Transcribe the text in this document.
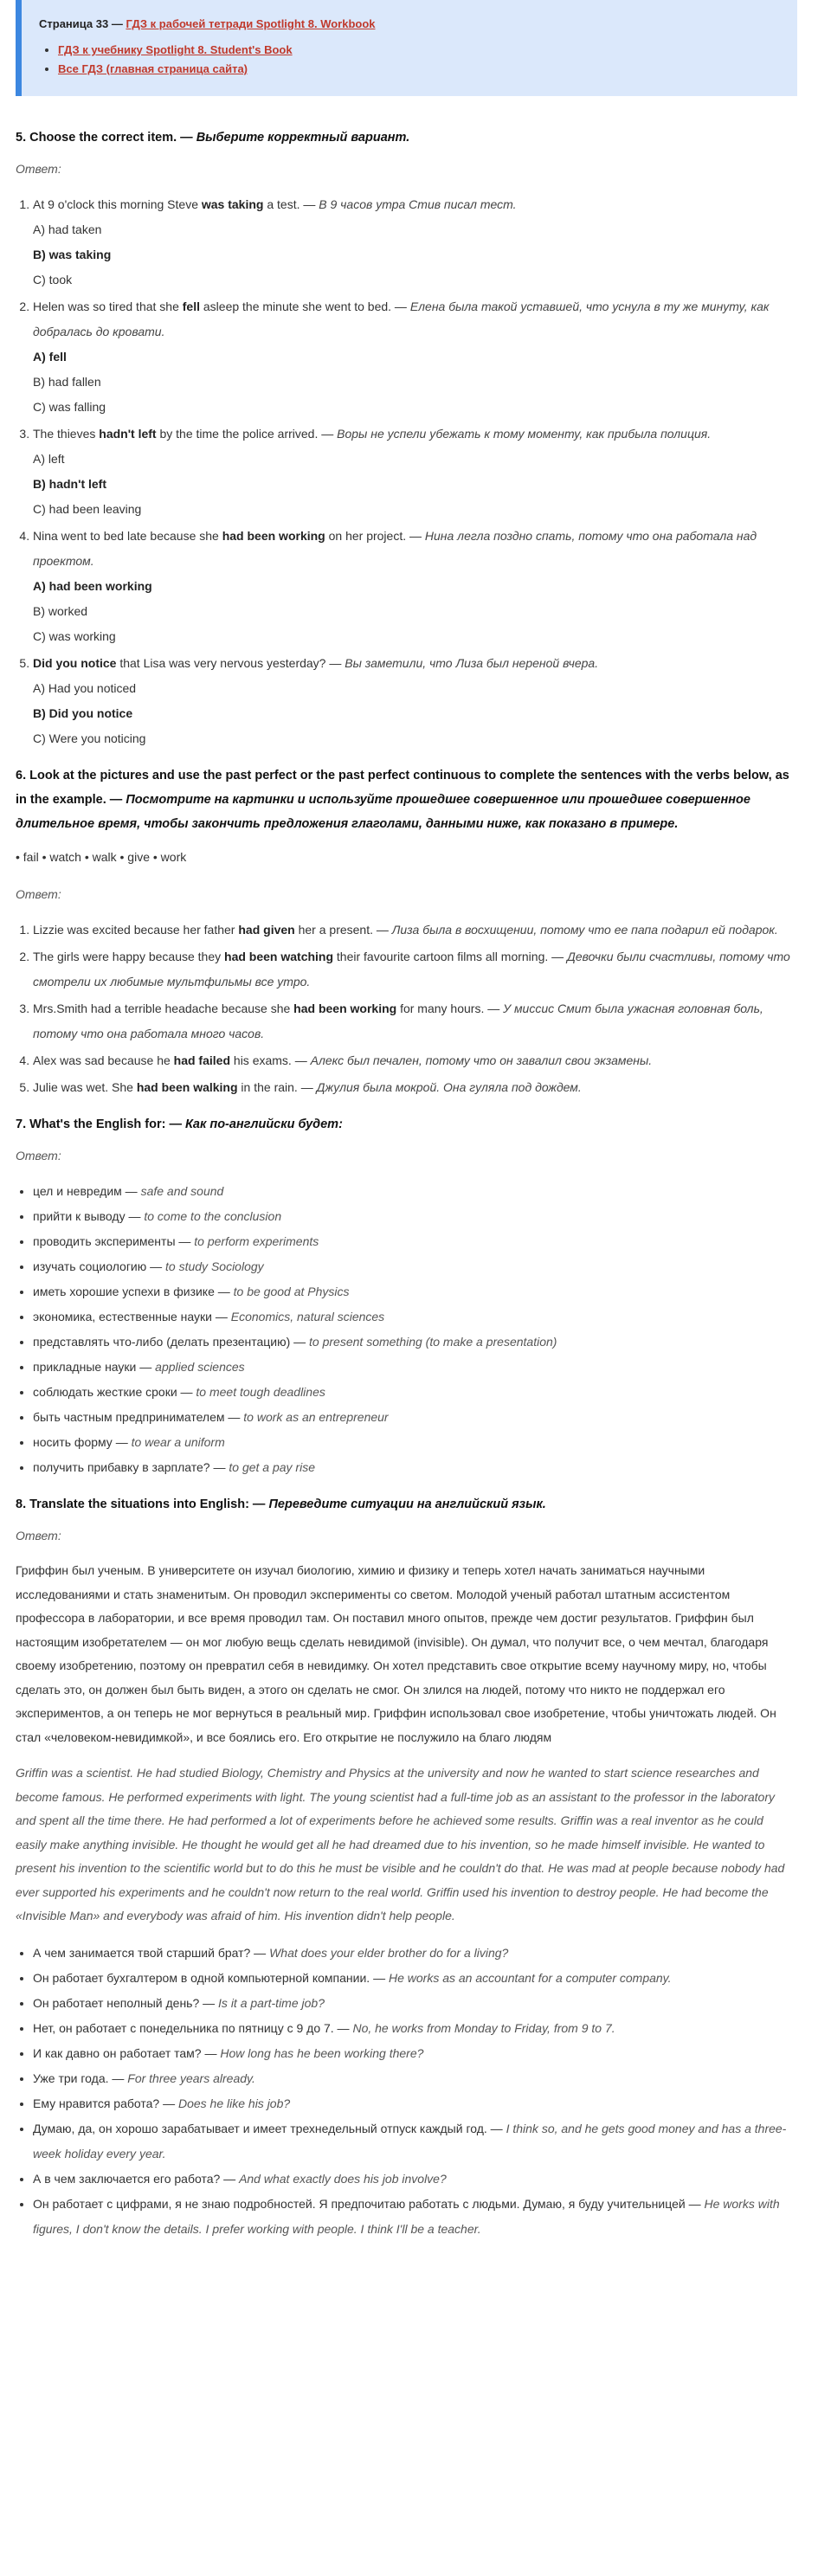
Страница 33 — ГДЗ к рабочей тетради Spotlight 8. Workbook
• ГДЗ к учебнику Spotlight 8. Student's Book
• Все ГДЗ (главная страница сайта)
5. Choose the correct item. — Выберите корректный вариант.
Ответ:
1. At 9 o'clock this morning Steve was taking a test. — В 9 часов утра Стив писал тест.
A) had taken
B) was taking
C) took
2. Helen was so tired that she fell asleep the minute she went to bed. — Елена была такой уставшей, что уснула в ту же минуту, как добралась до кровати.
A) fell
B) had fallen
C) was falling
3. The thieves hadn't left by the time the police arrived. — Воры не успели убежать к тому моменту, как прибыла полиция.
A) left
B) hadn't left
C) had been leaving
4. Nina went to bed late because she had been working on her project. — Нина легла поздно спать, потому что она работала над проектом.
A) had been working
B) worked
C) was working
5. Did you notice that Lisa was very nervous yesterday? — Вы заметили, что Лиза был нереной вчера.
A) Had you noticed
B) Did you notice
C) Were you noticing
6. Look at the pictures and use the past perfect or the past perfect continuous to complete the sentences with the verbs below, as in the example. — Посмотрите на картинки и используйте прошедшее совершенное или прошедшее совершенное длительное время, чтобы закончить предложения глаголами, данными ниже, как показано в примере.
• fail • watch • walk • give • work
Ответ:
1. Lizzie was excited because her father had given her a present. — Лиза была в восхищении, потому что ее папа подарил ей подарок.
2. The girls were happy because they had been watching their favourite cartoon films all morning. — Девочки были счастливы, потому что смотрели их любимые мультфильмы все утро.
3. Mrs.Smith had a terrible headache because she had been working for many hours. — У миссис Смит была ужасная головная боль, потому что она работала много часов.
4. Alex was sad because he had failed his exams. — Алекс был печален, потому что он завалил свои экзамены.
5. Julie was wet. She had been walking in the rain. — Джулия была мокрой. Она гуляла под дождем.
7. What's the English for: — Как по-английски будет:
Ответ:
• цел и невредим — safe and sound
• прийти к выводу — to come to the conclusion
• проводить эксперименты — to perform experiments
• изучать социологию — to study Sociology
• иметь хорошие успехи в физике — to be good at Physics
• экономика, естественные науки — Economics, natural sciences
• представлять что-либо (делать презентацию) — to present something (to make a presentation)
• прикладные науки — applied sciences
• соблюдать жесткие сроки — to meet tough deadlines
• быть частным предпринимателем — to work as an entrepreneur
• носить форму — to wear a uniform
• получить прибавку в зарплате? — to get a pay rise
8. Translate the situations into English: — Переведите ситуации на английский язык.
Ответ:

Гриффин был ученым. В университете он изучал биологию, химию и физику и теперь хотел начать заниматься научными исследованиями и стать знаменитым. Он проводил эксперименты со светом. Молодой ученый работал штатным ассистентом профессора в лаборатории, и все время проводил там. Он поставил много опытов, прежде чем достиг результатов. Гриффин был настоящим изобретателем — он мог любую вещь сделать невидимой (invisible). Он думал, что получит все, о чем мечтал, благодаря своему изобретению, поэтому он превратил себя в невидимку. Он хотел представить свое открытие всему научному миру, но, чтобы сделать это, он должен был быть виден, а этого он сделать не смог. Он злился на людей, потому что никто не поддержал его экспериментов, а он теперь не мог вернуться в реальный мир. Гриффин использовал свое изобретение, чтобы уничтожать людей. Он стал «человеком-невидимкой», и все боялись его. Его открытие не послужило на благо людям

Griffin was a scientist. He had studied Biology, Chemistry and Physics at the university and now he wanted to start science researches and become famous. He performed experiments with light. The young scientist had a full-time job as an assistant to the professor in the laboratory and spent all the time there. He had performed a lot of experiments before he achieved some results. Griffin was a real inventor as he could easily make anything invisible. He thought he would get all he had dreamed due to his invention, so he made himself invisible. He wanted to present his invention to the scientific world but to do this he must be visible and he couldn't do that. He was mad at people because nobody had ever supported his experiments and he couldn't now return to the real world. Griffin used his invention to destroy people. He had become the «Invisible Man» and everybody was afraid of him. His invention didn't help people.

• А чем занимается твой старший брат? — What does your elder brother do for a living?
• Он работает бухгалтером в одной компьютерной компании. — He works as an accountant for a computer company.
• Он работает неполный день? — Is it a part-time job?
• Нет, он работает с понедельника по пятницу с 9 до 7. — No, he works from Monday to Friday, from 9 to 7.
• И как давно он работает там? — How long has he been working there?
• Уже три года. — For three years already.
• Ему нравится работа? — Does he like his job?
• Думаю, да, он хорошо зарабатывает и имеет трехнедельный отпуск каждый год. — I think so, and he gets good money and has a three-week holiday every year.
• А в чем заключается его работа? — And what exactly does his job involve?
• Он работает с цифрами, я не знаю подробностей. Я предпочитаю работать с людьми. Думаю, я буду учительницей — He works with figures, I don't know the details. I prefer working with people. I think I'll be a teacher.
